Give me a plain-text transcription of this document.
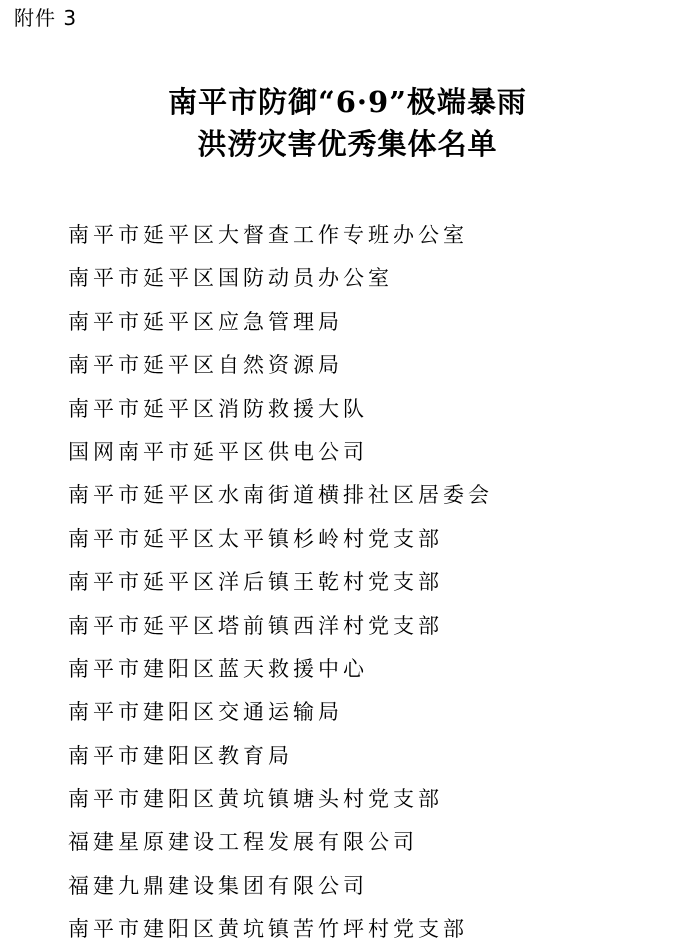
附件 3
南平市防御“6·9”极端暴雨
洪涝灾害优秀集体名单
南平市延平区大督查工作专班办公室
南平市延平区国防动员办公室
南平市延平区应急管理局
南平市延平区自然资源局
南平市延平区消防救援大队
国网南平市延平区供电公司
南平市延平区水南街道横排社区居委会
南平市延平区太平镇杉岭村党支部
南平市延平区洋后镇王乾村党支部
南平市延平区塔前镇西洋村党支部
南平市建阳区蓝天救援中心
南平市建阳区交通运输局
南平市建阳区教育局
南平市建阳区黄坑镇塘头村党支部
福建星原建设工程发展有限公司
福建九鼎建设集团有限公司
南平市建阳区黄坑镇苦竹坪村党支部
